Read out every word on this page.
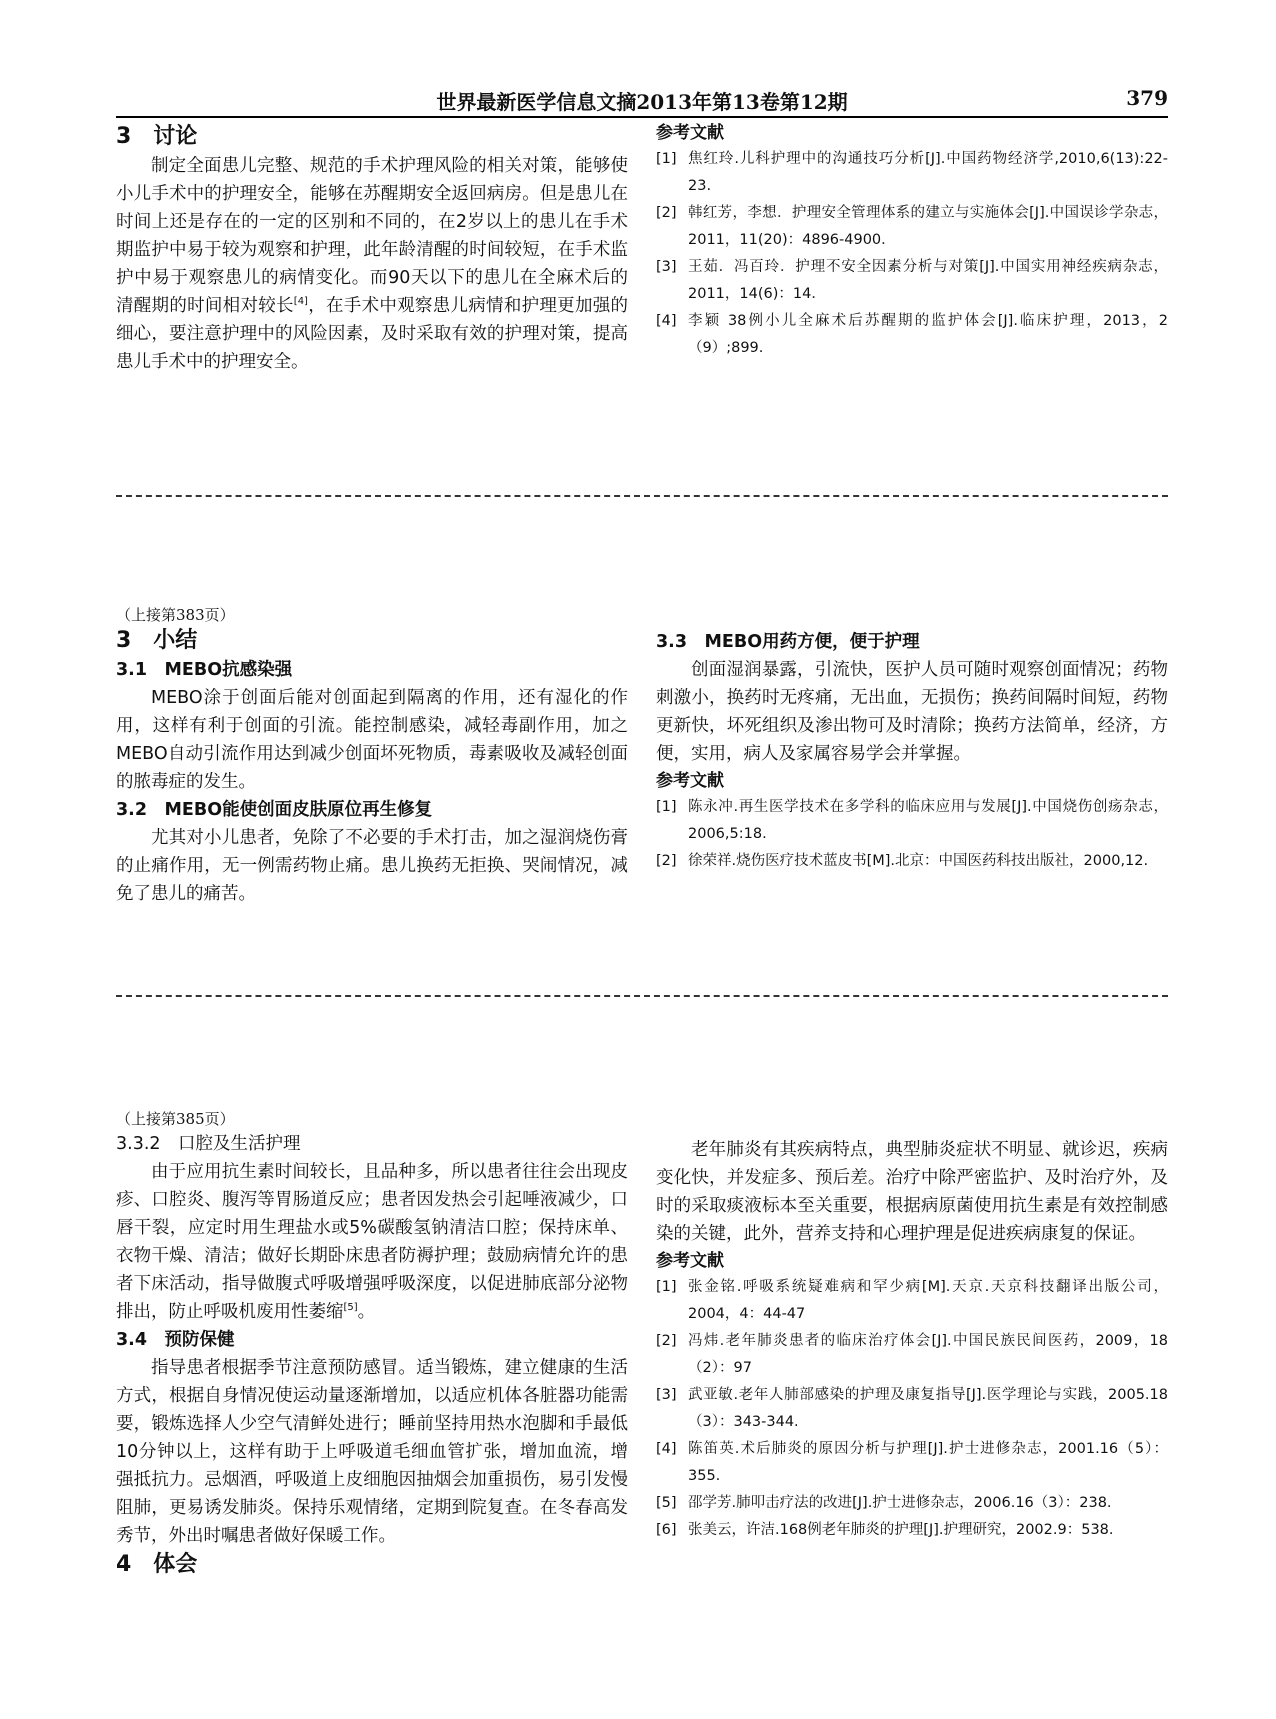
世界最新医学信息文摘2013年第13卷第12期	379

3　讨论

制定全面患儿完整、规范的手术护理风险的相关对策，能够使小儿手术中的护理安全，能够在苏醒期安全返回病房。但是患儿在时间上还是存在的一定的区别和不同的，在2岁以上的患儿在手术期监护中易于较为观察和护理，此年龄清醒的时间较短，在手术监护中易于观察患儿的病情变化。而90天以下的患儿在全麻术后的清醒期的时间相对较长[4]，在手术中观察患儿病情和护理更加强的细心，要注意护理中的风险因素，及时采取有效的护理对策，提高患儿手术中的护理安全。

参考文献

[1] 焦红玲.儿科护理中的沟通技巧分析[J].中国药物经济学,2010,6(13):22-23.
[2] 韩红芳，李想．护理安全管理体系的建立与实施体会[J].中国误诊学杂志，2011，11(20)：4896-4900．
[3] 王茹．冯百玲．护理不安全因素分析与对策[J].中国实用神经疾病杂志，2011，14(6)：14．
[4] 李颖 38例小儿全麻术后苏醒期的监护体会[J].临床护理，2013，2（9）;899.

（上接第383页）

3　小结

3.1　MEBO抗感染强

MEBO涂于创面后能对创面起到隔离的作用，还有湿化的作用，这样有利于创面的引流。能控制感染，减轻毒副作用，加之MEBO自动引流作用达到减少创面坏死物质，毒素吸收及减轻创面的脓毒症的发生。

3.2　MEBO能使创面皮肤原位再生修复

尤其对小儿患者，免除了不必要的手术打击，加之湿润烧伤膏的止痛作用，无一例需药物止痛。患儿换药无拒换、哭闹情况，减免了患儿的痛苦。

3.3　MEBO用药方便，便于护理

创面湿润暴露，引流快，医护人员可随时观察创面情况；药物刺激小，换药时无疼痛，无出血，无损伤；换药间隔时间短，药物更新快，坏死组织及渗出物可及时清除；换药方法简单，经济，方便，实用，病人及家属容易学会并掌握。

参考文献

[1] 陈永冲.再生医学技术在多学科的临床应用与发展[J].中国烧伤创疡杂志，2006,5:18.
[2] 徐荣祥.烧伤医疗技术蓝皮书[M].北京：中国医药科技出版社，2000,12.

（上接第385页）

3.3.2　口腔及生活护理

由于应用抗生素时间较长，且品种多，所以患者往往会出现皮疹、口腔炎、腹泻等胃肠道反应；患者因发热会引起唾液减少，口唇干裂，应定时用生理盐水或5%碳酸氢钠清洁口腔；保持床单、衣物干燥、清洁；做好长期卧床患者防褥护理；鼓励病情允许的患者下床活动，指导做腹式呼吸增强呼吸深度，以促进肺底部分泌物排出，防止呼吸机废用性萎缩[5]。

3.4　预防保健

指导患者根据季节注意预防感冒。适当锻炼，建立健康的生活方式，根据自身情况使运动量逐渐增加，以适应机体各脏器功能需要，锻炼选择人少空气清鲜处进行；睡前坚持用热水泡脚和手最低10分钟以上，这样有助于上呼吸道毛细血管扩张，增加血流，增强抵抗力。忌烟酒，呼吸道上皮细胞因抽烟会加重损伤，易引发慢阻肺，更易诱发肺炎。保持乐观情绪，定期到院复查。在冬春高发秀节，外出时嘱患者做好保暖工作。

4　体会

老年肺炎有其疾病特点，典型肺炎症状不明显、就诊迟，疾病变化快，并发症多、预后差。治疗中除严密监护、及时治疗外，及时的采取痰液标本至关重要，根据病原菌使用抗生素是有效控制感染的关键，此外，营养支持和心理护理是促进疾病康复的保证。

参考文献

[1] 张金铭.呼吸系统疑难病和罕少病[M].天京.天京科技翻译出版公司，2004，4：44-47
[2] 冯炜.老年肺炎患者的临床治疗体会[J].中国民族民间医药，2009，18（2）：97
[3] 武亚敏.老年人肺部感染的护理及康复指导[J].医学理论与实践，2005.18（3）：343-344.
[4] 陈笛英.术后肺炎的原因分析与护理[J].护士进修杂志，2001.16（5）：355.
[5] 邵学芳.肺叩击疗法的改进[J].护士进修杂志，2006.16（3）：238.
[6] 张美云，许洁.168例老年肺炎的护理[J].护理研究，2002.9：538.
